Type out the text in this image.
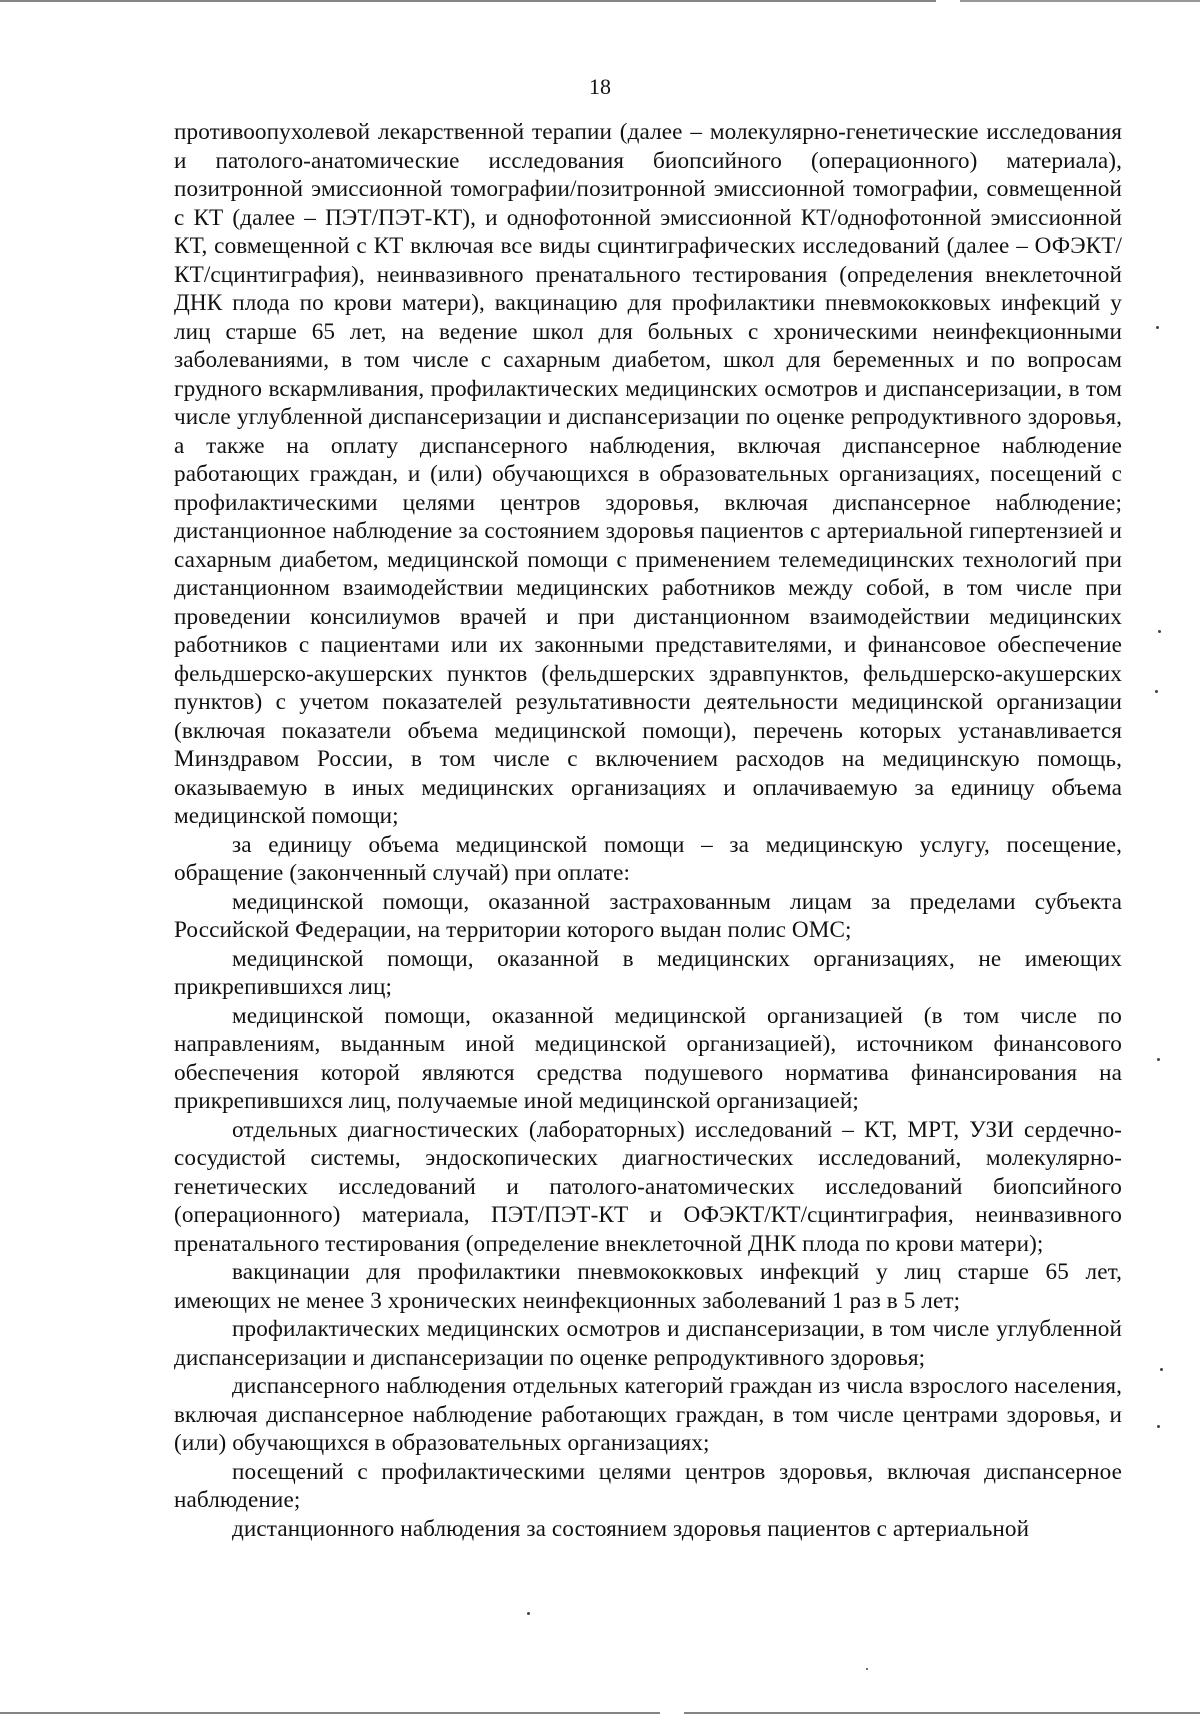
18

противоопухолевой лекарственной терапии (далее – молекулярно-генетические исследования и патолого-анатомические исследования биопсийного (операционного) материала), позитронной эмиссионной томографии/позитронной эмиссионной томографии, совмещенной с КТ (далее – ПЭТ/ПЭТ-КТ), и однофотонной эмиссионной КТ/однофотонной эмиссионной КТ, совмещенной с КТ включая все виды сцинтиграфических исследований (далее – ОФЭКТ/КТ/сцинтиграфия), неинвазивного пренатального тестирования (определения внеклеточной ДНК плода по крови матери), вакцинацию для профилактики пневмококковых инфекций у лиц старше 65 лет, на ведение школ для больных с хроническими неинфекционными заболеваниями, в том числе с сахарным диабетом, школ для беременных и по вопросам грудного вскармливания, профилактических медицинских осмотров и диспансеризации, в том числе углубленной диспансеризации и диспансеризации по оценке репродуктивного здоровья, а также на оплату диспансерного наблюдения, включая диспансерное наблюдение работающих граждан, и (или) обучающихся в образовательных организациях, посещений с профилактическими целями центров здоровья, включая диспансерное наблюдение; дистанционное наблюдение за состоянием здоровья пациентов с артериальной гипертензией и сахарным диабетом, медицинской помощи с применением телемедицинских технологий при дистанционном взаимодействии медицинских работников между собой, в том числе при проведении консилиумов врачей и при дистанционном взаимодействии медицинских работников с пациентами или их законными представителями, и финансовое обеспечение фельдшерско-акушерских пунктов (фельдшерских здравпунктов, фельдшерско-акушерских пунктов) с учетом показателей результативности деятельности медицинской организации (включая показатели объема медицинской помощи), перечень которых устанавливается Минздравом России, в том числе с включением расходов на медицинскую помощь, оказываемую в иных медицинских организациях и оплачиваемую за единицу объема медицинской помощи;

за единицу объема медицинской помощи – за медицинскую услугу, посещение, обращение (законченный случай) при оплате:

медицинской помощи, оказанной застрахованным лицам за пределами субъекта Российской Федерации, на территории которого выдан полис ОМС;

медицинской помощи, оказанной в медицинских организациях, не имеющих прикрепившихся лиц;

медицинской помощи, оказанной медицинской организацией (в том числе по направлениям, выданным иной медицинской организацией), источником финансового обеспечения которой являются средства подушевого норматива финансирования на прикрепившихся лиц, получаемые иной медицинской организацией;

отдельных диагностических (лабораторных) исследований – КТ, МРТ, УЗИ сердечно-сосудистой системы, эндоскопических диагностических исследований, молекулярно-генетических исследований и патолого-анатомических исследований биопсийного (операционного) материала, ПЭТ/ПЭТ-КТ и ОФЭКТ/КТ/сцинтиграфия, неинвазивного пренатального тестирования (определение внеклеточной ДНК плода по крови матери);

вакцинации для профилактики пневмококковых инфекций у лиц старше 65 лет, имеющих не менее 3 хронических неинфекционных заболеваний 1 раз в 5 лет;

профилактических медицинских осмотров и диспансеризации, в том числе углубленной диспансеризации и диспансеризации по оценке репродуктивного здоровья;

диспансерного наблюдения отдельных категорий граждан из числа взрослого населения, включая диспансерное наблюдение работающих граждан, в том числе центрами здоровья, и (или) обучающихся в образовательных организациях;

посещений с профилактическими целями центров здоровья, включая диспансерное наблюдение;

дистанционного наблюдения за состоянием здоровья пациентов с артериальной
